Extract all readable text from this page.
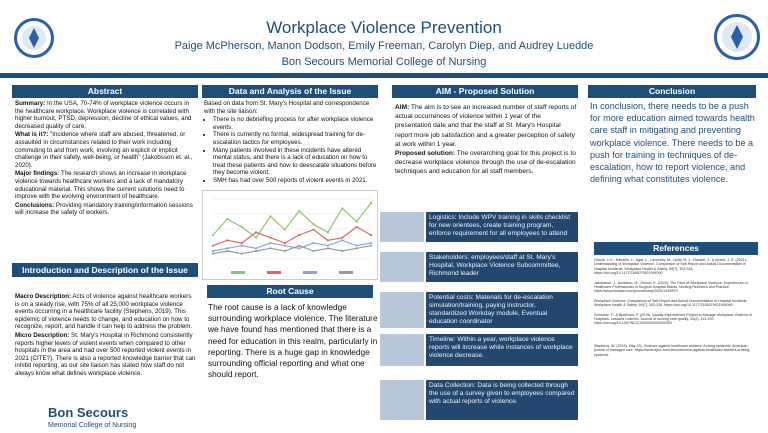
Workplace Violence Prevention
Paige McPherson, Manon Dodson, Emily Freeman, Carolyn Diep, and Audrey Luedde
Bon Secours Memorial College of Nursing
Abstract

Summary: In the USA, 70-74% of workplace violence occurs in the healthcare workplace. Workplace violence is correlated with higher burnout, PTSD, depression, decline of ethical values, and decreased quality of care.

What is it?: "Incidence where staff are abused, threatened, or assaulted in circumstances related to their work including commuting to and from work, involving an explicit or implicit challenge in their safety, well-being, or health" (Jakobsson et. al., 2020).

Major findings: The research shows an increase in workplace violence towards healthcare workers and a lack of mandatory educational material. This shows the current solutions need to improve with the evolving environment of healthcare.

Conclusions: Providing mandatory training/information sessions will increase the safety of workers.

Introduction and Description of the Issue

Macro Description: Acts of violence against healthcare workers is on a steady rise, with 75% of all 25,000 workplace violence events occurring in a healthcare facility (Stephens, 2019). This epidemic of violence needs to change, and education on how to recognize, report, and handle it can help to address the problem.

Micro Description: St. Mary's Hospital in Richmond consistently reports higher levels of violent events when compared to other hospitals in the area and had over 500 reported violent events in 2021 (CITE?). There is also a reported knowledge barrier that can inhibit reporting, as our site liaison has stated how staff do not always know what defines workplace violence.

Bon Secours
Memorial College of Nursing
Data and Analysis of the Issue

Based on data from St. Mary's Hospital and correspondence with the site liaison:

• There is no debriefing process for after workplace violence events.
• There is currently no formal, widespread training for de-escalation tactics for employees.
• Many patients involved in these incidents have altered mental status, and there is a lack of education on how to treat these patients and how to deescalate situations before they become violent.
• SMH has had over 500 reports of violent events in 2021.
Root Cause
The root cause is a lack of knowledge surrounding workplace violence. The literature we have found has mentioned that there is a need for education in this realm, particularly in reporting. There is a huge gap in knowledge surrounding official reporting and what one should report.
AIM - Proposed Solution

AIM: The aim is to see an increased number of staff reports of actual occurrences of violence within 1 year of the presentation date and that the staff at St. Mary's Hospital report more job satisfaction and a greater perception of safety at work within 1 year.

Proposed solution: The overarching goal for this project is to decrease workplace violence through the use of de-escalation techniques and education for all staff members.

Logistics: Include WPV training in skills checklist for new orientees, create training program, enforce requirement for all employees to attend
Stakeholders: employees/staff at St. Mary's Hospital, Workplace Violence Subcommittee, Richmond leader
Potential costs: Materials for de-escalation simulation/training, paying instructor, standardized Workday module, Eventual education coordinator
Timeline: Within a year, workplace violence reports will increase while instances of workplace violence decrease.
Data Collection: Data is being collected through the use of a survey given to employees compared with actual reports of violence.
Conclusion
In conclusion, there needs to be a push for more education aimed towards health care staff in mitigating and preventing workplace violence. There needs to be a push for training in techniques of de-escalation, how to report violence, and defining what constitutes violence.
References

Garcia, J. K., Hamblin, L., Agar, L., Lavrinsky, M., Upfal, M. J., Russell, J., & Arnetz, J. E. (2021). Understanding of Workplace Violence: Comparison of Self-Report and Actual Documentation of Hospital Incidents. Workplace Health & Safety, 69(7), 303-316. https://doi.org/10.1177/2165079921994090

Jakobsson, J., Axelsson, M., Örmon, K. (2020). The Face of Workplace Violence: Experiences of Healthcare Professionals in Surgical Hospital Wards. Nursing Research and Practice. https://www.hindawi.com/journals/nrp/2020/1435097/

Workplace Violence: Comparison of Self-Report and Actual Documentation of Hospital Incidents. Workplace Health & Safety, 69(7), 303-316. https://doi.org/10.1177/2165079921994090

Schwartz, F., & Bjorklund, P. (2019). Quality Improvement Project to Manage Workplace Violence in Hospitals: Lessons Learned. Journal of nursing care quality, 34(2), 114-120. https://doi.org/10.1097/NCQ.0000000000000350

Stephens, W. (2019). May 23). Violence against healthcare workers: A rising epidemic. American journal of managed care. https://www.ajmc.com/view/violence-against-healthcare-workers-a-rising-epidemic
